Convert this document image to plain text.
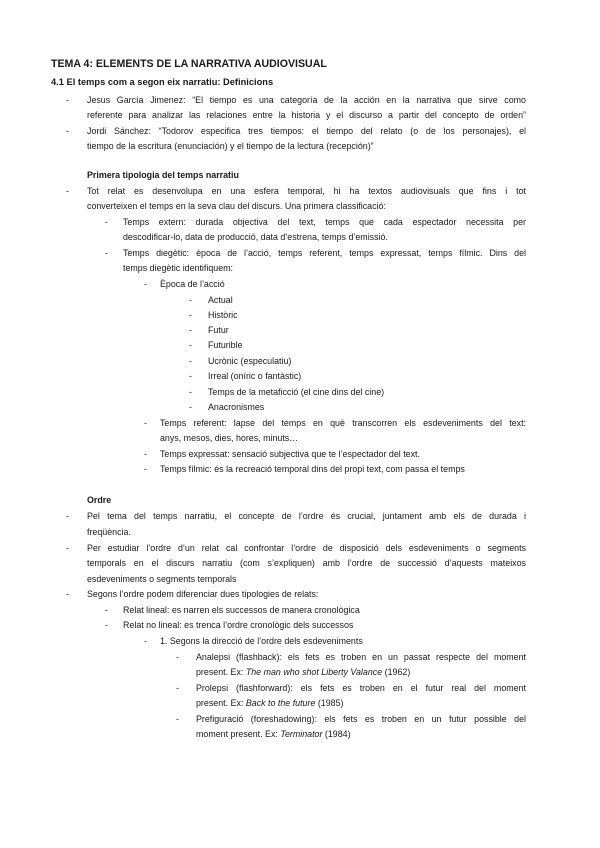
TEMA 4: ELEMENTS DE LA NARRATIVA AUDIOVISUAL
4.1 El temps com a segon eix narratiu: Definicions
- Jesus García Jimenez: “El tiempo es una categoría de la acción en la narrativa que sirve como
referente para analizar las relaciones entre la historia y el discurso a partir del concepto de orden”
- Jordi Sánchez: “Todorov especifica tres tiempos: el tiempo del relato (o de los personajes), el
tiempo de la escritura (enunciación) y el tiempo de la lectura (recepción)”
Primera tipologia del temps narratiu
- Tot relat es desenvolupa en una esfera temporal, hi ha textos audiovisuals que fins i tot
converteixen el temps en la seva clau del discurs. Una primera classificació:
- Temps extern: durada objectiva del text, temps que cada espectador necessita per
descodificar-lo, data de producció, data d’estrena, temps d’emissió.
- Temps diegètic: època de l’acció, temps referent, temps expressat, temps fílmic. Dins del
temps diegètic identifiquem:
- Època de l’acció
- Actual
- Històric
- Futur
- Futurible
- Ucrònic (especulatiu)
- Irreal (oníric o fantàstic)
- Temps de la metaficció (el cine dins del cine)
- Anacronismes
- Temps referent: lapse del temps en què transcorren els esdeveniments del text:
anys, mesos, dies, hores, minuts…
- Temps expressat: sensació subjectiva que te l’espectador del text.
- Temps fílmic: és la recreació temporal dins del propi text, com passa el temps
Ordre
- Pel tema del temps narratiu, el concepte de l’ordre és crucial, juntament amb els de durada i
freqüència.
- Per estudiar l’ordre d’un relat cal confrontar l’ordre de disposició dels esdeveniments o segments
temporals en el discurs narratiu (com s’expliquen) amb l’ordre de successió d’aquests mateixos
esdeveniments o segments temporals
- Segons l’ordre podem diferenciar dues tipologies de relats:
- Relat lineal: es narren els successos de manera cronològica
- Relat no lineal: es trenca l’ordre cronològic dels successos
- 1. Segons la direcció de l’ordre dels esdeveniments
- Analepsi (flashback): els fets es troben en un passat respecte del moment
present. Ex: The man who shot Liberty Valance (1962)
- Prolepsi (flashforward): els fets es troben en el futur real del moment
present. Ex: Back to the future (1985)
- Prefiguració (foreshadowing): els fets es troben en un futur possible del
moment present. Ex: Terminator (1984)
